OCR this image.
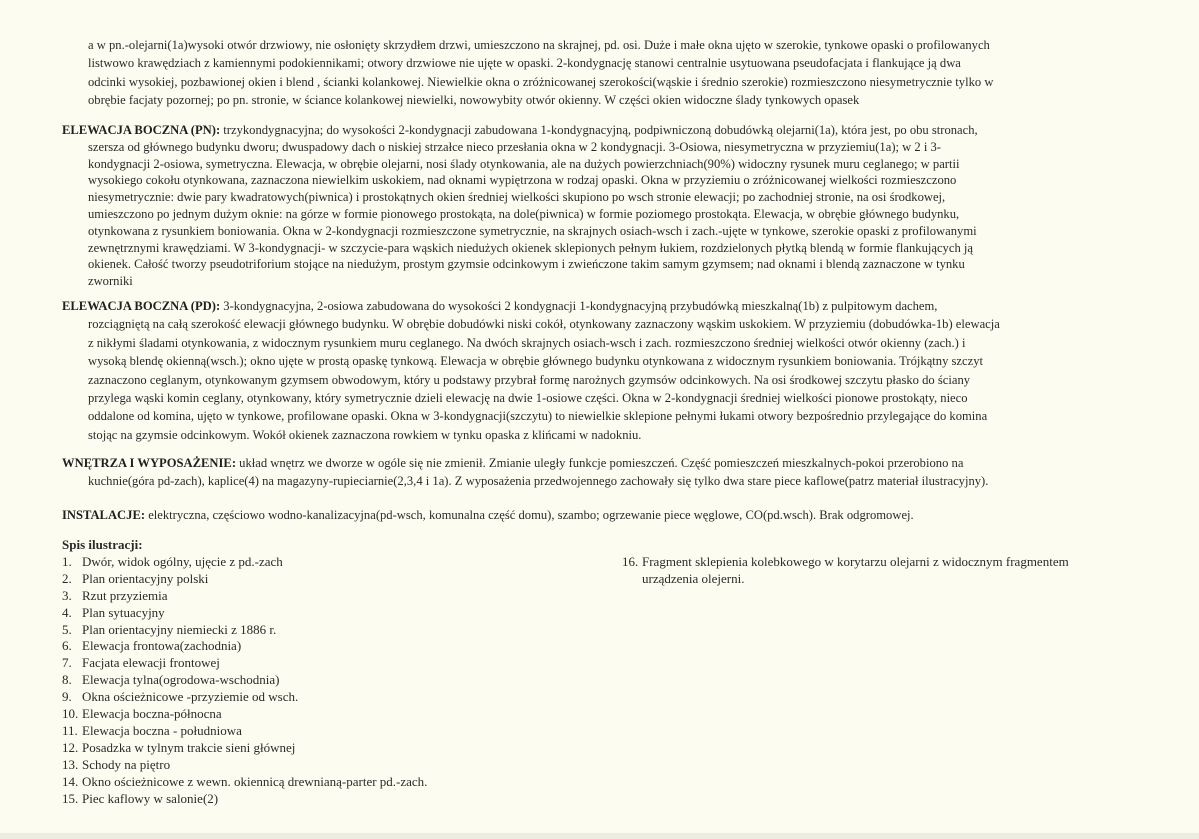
a w pn.-olejarni(1a)wysoki otwór drzwiowy, nie osłonięty skrzydłem drzwi, umieszczono na skrajnej, pd. osi. Duże i małe okna ujęto w szerokie, tynkowe opaski o profilowanych
listwowo krawędziach z kamiennymi podokiennikami; otwory drzwiowe nie ujęte w opaski. 2-kondygnację stanowi centralnie usytuowana pseudofacjata i flankujące ją dwa
odcinki wysokiej, pozbawionej okien i blend , ścianki kolankowej. Niewielkie okna o zróżnicowanej szerokości(wąskie i średnio szerokie) rozmieszczono niesymetrycznie tylko w
obrębie facjaty pozornej; po pn. stronie, w ściance kolankowej niewielki, nowowybity otwór okienny. W części okien widoczne ślady tynkowych opasek
ELEWACJA BOCZNA (PN): trzykondygnacyjna; do wysokości 2-kondygnacji zabudowana 1-kondygnacyjną, podpiwniczoną dobudówką olejarni(1a), która jest, po obu stronach,
szersza od głównego budynku dworu; dwuspadowy dach o niskiej strzałce nieco przesłania okna w 2 kondygnacji. 3-Osiowa, niesymetryczna w przyziemiu(1a); w 2 i 3-
kondygnacji 2-osiowa, symetryczna. Elewacja, w obrębie olejarni, nosi ślady otynkowania, ale na dużych powierzchniach(90%) widoczny rysunek muru ceglanego; w partii
wysokiego cokołu otynkowana, zaznaczona niewielkim uskokiem, nad oknami wypiętrzona w rodzaj opaski. Okna w przyziemiu o zróżnicowanej wielkości rozmieszczono
niesymetrycznie: dwie pary kwadratowych(piwnica) i prostokątnych okien średniej wielkości skupiono po wsch stronie elewacji; po zachodniej stronie, na osi środkowej,
umieszczono po jednym dużym oknie: na górze w formie pionowego prostokąta, na dole(piwnica) w formie poziomego prostokąta. Elewacja, w obrębie głównego budynku,
otynkowana z rysunkiem boniowania. Okna w 2-kondygnacji rozmieszczone symetrycznie, na skrajnych osiach-wsch i zach.-ujęte w tynkowe, szerokie opaski z profilowanymi
zewnętrznymi krawędziami. W 3-kondygnacji- w szczycie-para wąskich niedużych okienek sklepionych pełnym łukiem, rozdzielonych płytką blendą w formie flankujących ją
okienek. Całość tworzy pseudotriforium stojące na niedużym, prostym gzymsie odcinkowym i zwieńczone takim samym gzymsem; nad oknami i blendą zaznaczone w tynku
zworniki
ELEWACJA BOCZNA (PD): 3-kondygnacyjna, 2-osiowa zabudowana do wysokości 2 kondygnacji 1-kondygnacyjną przybudówką mieszkalną(1b) z pulpitowym dachem,
rozciągniętą na całą szerokość elewacji głównego budynku. W obrębie dobudówki niski cokół, otynkowany zaznaczony wąskim uskokiem. W przyziemiu (dobudówka-1b) elewacja
z nikłymi śladami otynkowania, z widocznym rysunkiem muru ceglanego. Na dwóch skrajnych osiach-wsch i zach. rozmieszczono średniej wielkości otwór okienny (zach.) i
wysoką blendę okienną(wsch.); okno ujęte w prostą opaskę tynkową. Elewacja w obrębie głównego budynku otynkowana z widocznym rysunkiem boniowania. Trójkątny szczyt
zaznaczono ceglanym, otynkowanym gzymsem obwodowym, który u podstawy przybrał formę narożnych gzymsów odcinkowych. Na osi środkowej szczytu płasko do ściany
przylega wąski komin ceglany, otynkowany, który symetrycznie dzieli elewację na dwie 1-osiowe części. Okna w 2-kondygnacji średniej wielkości pionowe prostokąty, nieco
oddalone od komina, ujęto w tynkowe, profilowane opaski. Okna w 3-kondygnacji(szczytu) to niewielkie sklepione pełnymi łukami otwory bezpośrednio przylegające do komina
stojąc na gzymsie odcinkowym. Wokół okienek zaznaczona rowkiem w tynku opaska z klińcami w nadokniu.
WNĘTRZA I WYPOSAŻENIE: układ wnętrz we dworze w ogóle się nie zmienił. Zmianie uległy funkcje pomieszczeń. Część pomieszczeń mieszkalnych-pokoi przerobiono na
kuchnie(góra pd-zach), kaplice(4) na magazyny-rupieciarnie(2,3,4 i 1a). Z wyposażenia przedwojennego zachowały się tylko dwa stare piece kaflowe(patrz materiał ilustracyjny).
INSTALACJE: elektryczna, częściowo wodno-kanalizacyjna(pd-wsch, komunalna część domu), szambo; ogrzewanie piece węglowe, CO(pd.wsch). Brak odgromowej.
Spis ilustracji:
1. Dwór, widok ogólny, ujęcie z pd.-zach
2. Plan orientacyjny polski
3. Rzut przyziemia
4. Plan sytuacyjny
5. Plan orientacyjny niemiecki z 1886 r.
6. Elewacja frontowa(zachodnia)
7. Facjata elewacji frontowej
8. Elewacja tylna(ogrodowa-wschodnia)
9. Okna ościeżnicowe -przyziemie od wsch.
10. Elewacja boczna-północna
11. Elewacja boczna - południowa
12. Posadzka w tylnym trakcie sieni głównej
13. Schody na piętro
14. Okno ościeżnicowe z wewn. okiennicą drewnianą-parter pd.-zach.
15. Piec kaflowy w salonie(2)
16. Fragment sklepienia kolebkowego w korytarzu olejarni z widocznym fragmentem
urządzenia olejerni.
